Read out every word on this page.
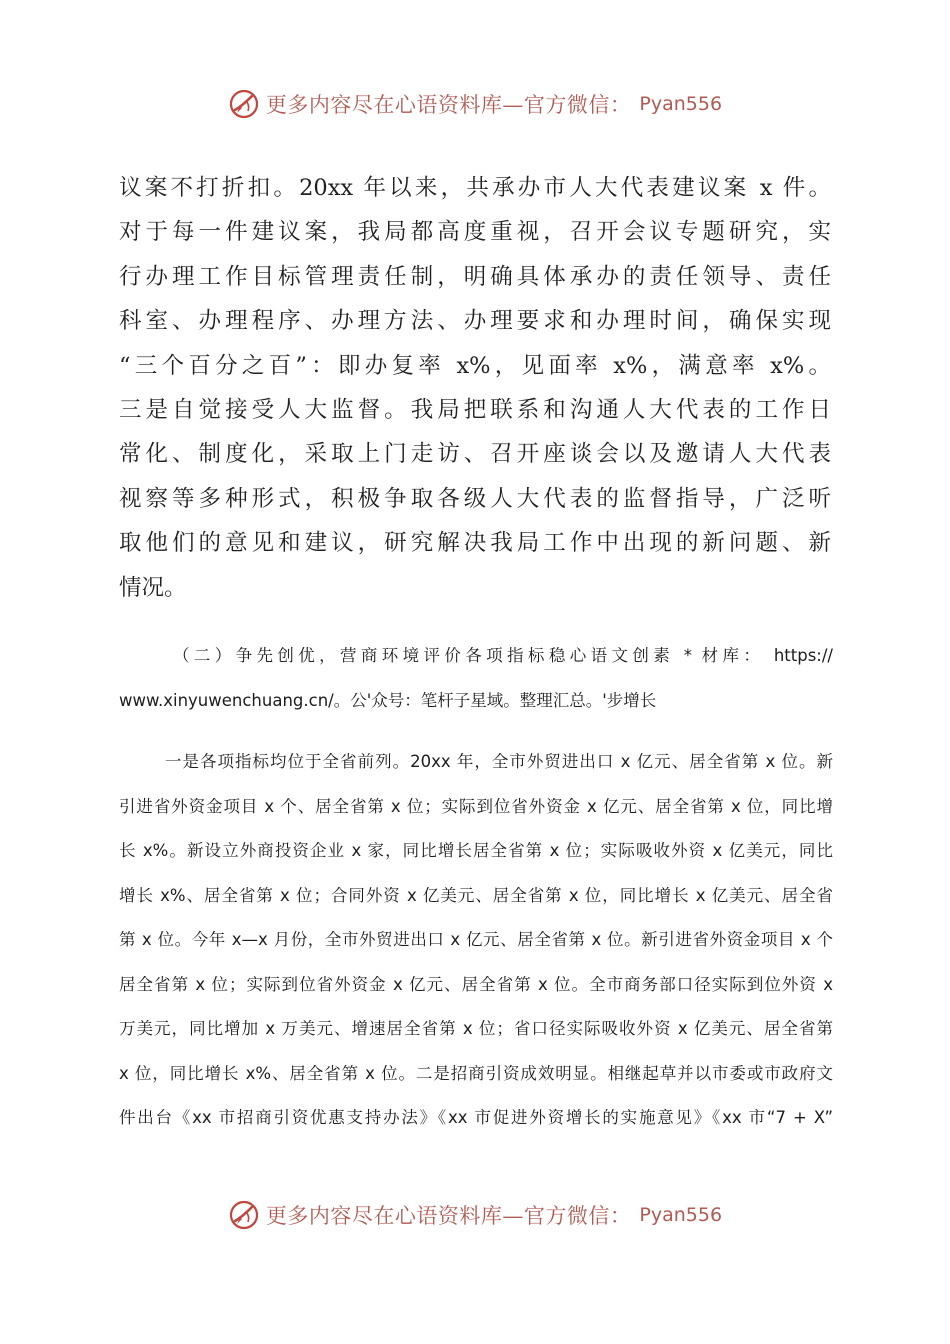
更多内容尽在心语资料库—官方微信： Pyan556
议案不打折扣。20xx 年以来，共承办市人大代表建议案 x 件。
对于每一件建议案，我局都高度重视，召开会议专题研究，实
行办理工作目标管理责任制，明确具体承办的责任领导、责任
科室、办理程序、办理方法、办理要求和办理时间，确保实现
“三个百分之百”：即办复率 x%，见面率 x%，满意率 x%。
三是自觉接受人大监督。我局把联系和沟通人大代表的工作日
常化、制度化，采取上门走访、召开座谈会以及邀请人大代表
视察等多种形式，积极争取各级人大代表的监督指导，广泛听
取他们的意见和建议，研究解决我局工作中出现的新问题、新
情况。
（二）争先创优，营商环境评价各项指标稳心语文创素 * 材库： https://
www.xinyuwenchuang.cn/。公'众号：笔杆子星域。整理汇总。'步增长
一是各项指标均位于全省前列。20xx 年，全市外贸进出口 x 亿元、居全省第 x 位。新
引进省外资金项目 x 个、居全省第 x 位；实际到位省外资金 x 亿元、居全省第 x 位，同比增
长 x%。新设立外商投资企业 x 家，同比增长居全省第 x 位；实际吸收外资 x 亿美元，同比
增长 x%、居全省第 x 位；合同外资 x 亿美元、居全省第 x 位，同比增长 x 亿美元、居全省
第 x 位。今年 x—x 月份，全市外贸进出口 x 亿元、居全省第 x 位。新引进省外资金项目 x 个
居全省第 x 位；实际到位省外资金 x 亿元、居全省第 x 位。全市商务部口径实际到位外资 x
万美元，同比增加 x 万美元、增速居全省第 x 位；省口径实际吸收外资 x 亿美元、居全省第
x 位，同比增长 x%、居全省第 x 位。二是招商引资成效明显。相继起草并以市委或市政府文
件出台《xx 市招商引资优惠支持办法》《xx 市促进外资增长的实施意见》《xx 市“7 + X”
更多内容尽在心语资料库—官方微信： Pyan556
